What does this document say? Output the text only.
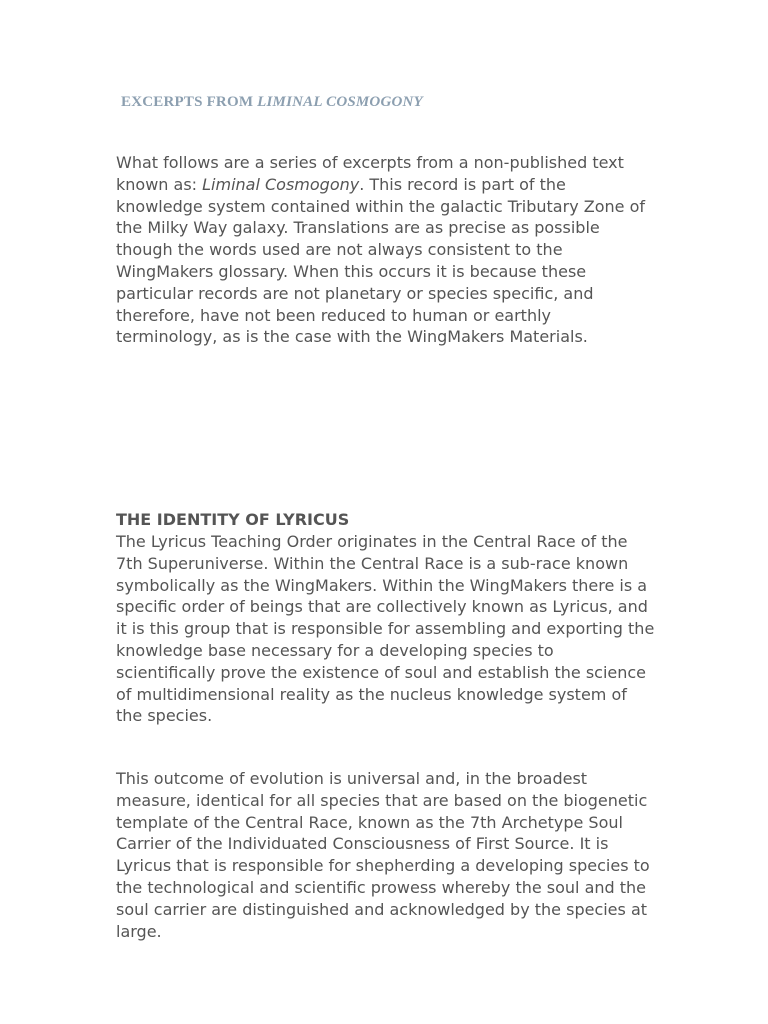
EXCERPTS FROM LIMINAL COSMOGONY

What follows are a series of excerpts from a non-published text known as: Liminal Cosmogony. This record is part of the knowledge system contained within the galactic Tributary Zone of the Milky Way galaxy. Translations are as precise as possible though the words used are not always consistent to the WingMakers glossary. When this occurs it is because these particular records are not planetary or species specific, and therefore, have not been reduced to human or earthly terminology, as is the case with the WingMakers Materials.

THE IDENTITY OF LYRICUS

The Lyricus Teaching Order originates in the Central Race of the 7th Superuniverse. Within the Central Race is a sub-race known symbolically as the WingMakers. Within the WingMakers there is a specific order of beings that are collectively known as Lyricus, and it is this group that is responsible for assembling and exporting the knowledge base necessary for a developing species to scientifically prove the existence of soul and establish the science of multidimensional reality as the nucleus knowledge system of the species.

This outcome of evolution is universal and, in the broadest measure, identical for all species that are based on the biogenetic template of the Central Race, known as the 7th Archetype Soul Carrier of the Individuated Consciousness of First Source. It is Lyricus that is responsible for shepherding a developing species to the technological and scientific prowess whereby the soul and the soul carrier are distinguished and acknowledged by the species at large.
